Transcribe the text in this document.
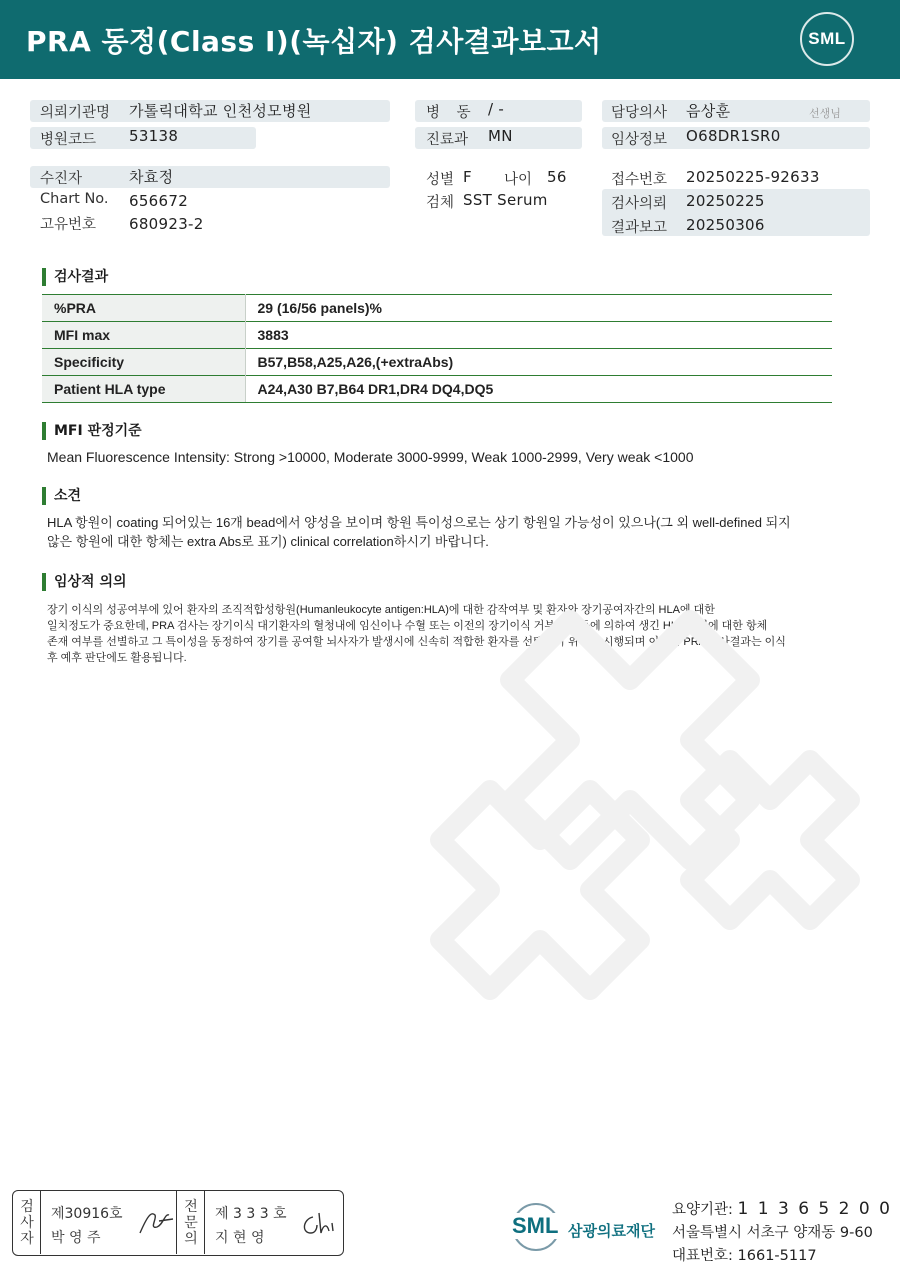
PRA 동정(Class I)(녹십자) 검사결과보고서	SML
의뢰기관명 가톨릭대학교 인천성모병원
병원코드 53138
병 동 / -
진료과 MN
담당의사 음상훈	선생님
임상정보 O68DR1SR0
수진자	차효정
Chart No. 656672
고유번호 680923-2
성별 F 나이 56
검체 SST Serum
접수번호 20250225-92633
검사의뢰 20250225
결과보고 20250306
검사결과
%PRA	29 (16/56 panels)%
MFI max	3883
Specificity	B57,B58,A25,A26,(+extraAbs)
Patient HLA type	A24,A30 B7,B64 DR1,DR4 DQ4,DQ5
MFI 판정기준
Mean Fluorescence Intensity: Strong >10000, Moderate 3000-9999, Weak 1000-2999, Very weak <1000
소견
HLA 항원이 coating 되어있는 16개 bead에서 양성을 보이며 항원 특이성으로는 상기 항원일 가능성이 있으나(그 외 well-defined 되지
않은 항원에 대한 항체는 extra Abs로 표기) clinical correlation하시기 바랍니다.
임상적 의의
장기 이식의 성공여부에 있어 환자의 조직적합성항원(Humanleukocyte antigen:HLA)에 대한 감작여부 및 환자와 장기공여자간의 HLA에 대한
일치정도가 중요한데, PRA 검사는 장기이식 대기환자의 혈청내에 임신이나 수혈 또는 이전의 장기이식 거부반응 등에 의하여 생긴 HLA 항원에 대한 항체
존재 여부를 선별하고 그 특이성을 동정하여 장기를 공여할 뇌사자가 발생시에 신속히 적합한 환자를 선택하기 위하여 시행되며 이러한 PRA 검사결과는 이식
후 예후 판단에도 활용됩니다.
검
사
자
제30916호
박 영 주
전
문
의
제 3 3 3 호
지 현 영	SML 삼광의료재단
요양기관: 1 1 3 6 5 2 0 0
서울특별시 서초구 양재동 9-60
대표번호: 1661-5117
